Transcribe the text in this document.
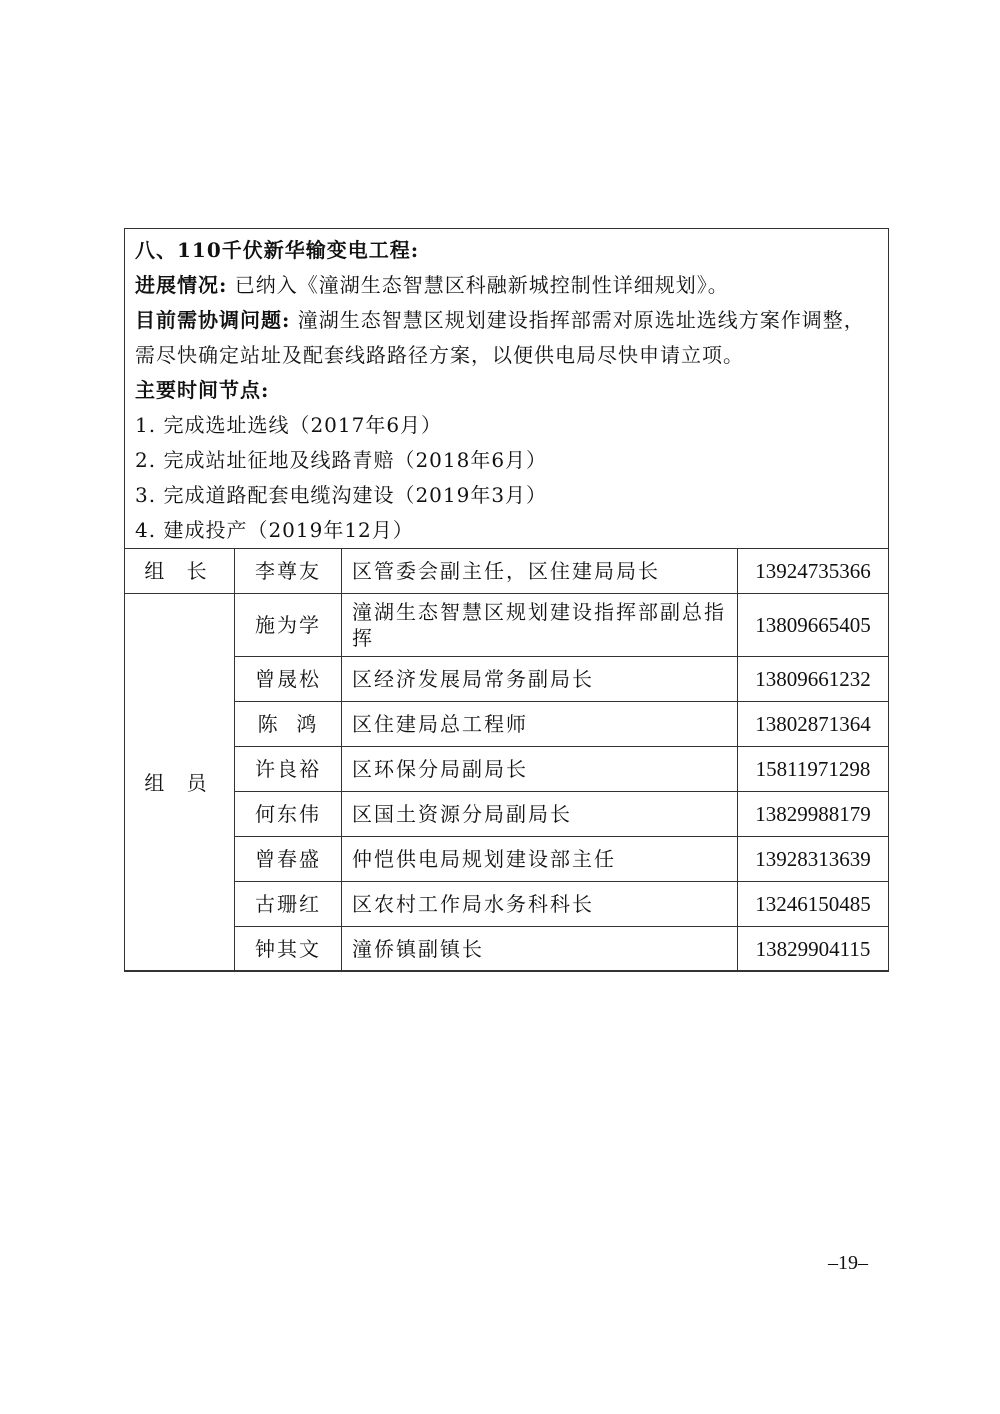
八、110千伏新华输变电工程:
进展情况: 已纳入《潼湖生态智慧区科融新城控制性详细规划》。
目前需协调问题: 潼湖生态智慧区规划建设指挥部需对原选址选线方案作调整，需尽快确定站址及配套线路路径方案，以便供电局尽快申请立项。
主要时间节点:
1. 完成选址选线（2017年6月）
2. 完成站址征地及线路青赔（2018年6月）
3. 完成道路配套电缆沟建设（2019年3月）
4. 建成投产（2019年12月）
组 长	李尊友	区管委会副主任，区住建局局长	13924735366
组 员	施为学	潼湖生态智慧区规划建设指挥部副总指挥	13809665405
	曾晟松	区经济发展局常务副局长	13809661232
	陈  鸿	区住建局总工程师	13802871364
	许良裕	区环保分局副局长	15811971298
	何东伟	区国土资源分局副局长	13829988179
	曾春盛	仲恺供电局规划建设部主任	13928313639
	古珊红	区农村工作局水务科科长	13246150485
	钟其文	潼侨镇副镇长	13829904115
–19–
